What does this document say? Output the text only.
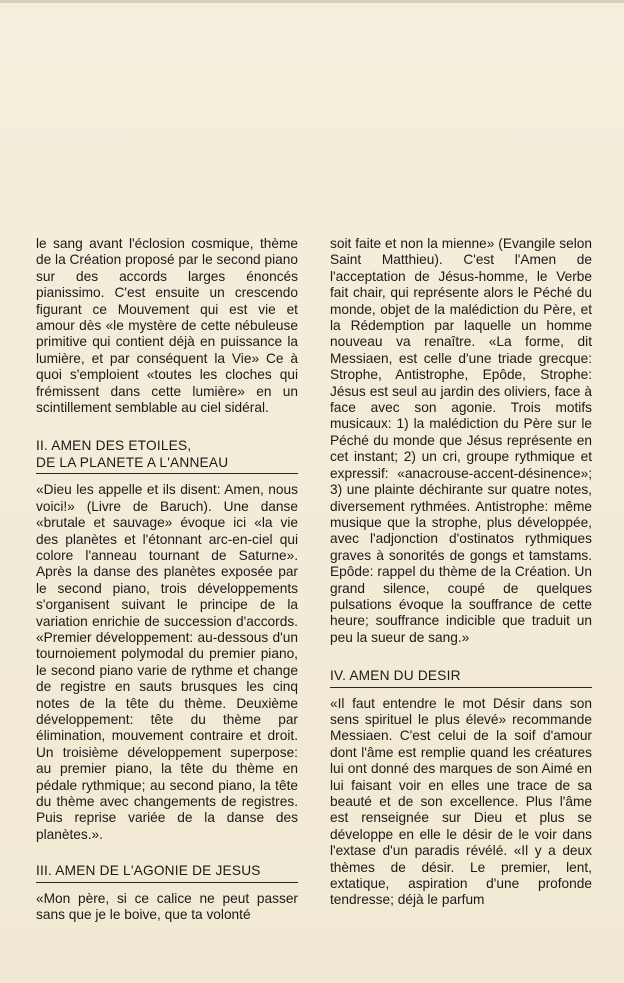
le sang avant l'éclosion cosmique, thème de la Création proposé par le second piano sur des accords larges énoncés pianissimo. C'est ensuite un crescendo figurant ce Mouvement qui est vie et amour dès «le mystère de cette nébuleuse primitive qui contient déjà en puissance la lumière, et par conséquent la Vie» Ce à quoi s'emploient «toutes les cloches qui frémissent dans cette lumière» en un scintillement semblable au ciel sidéral.

II. AMEN DES ETOILES,

DE LA PLANETE A L'ANNEAU

«Dieu les appelle et ils disent: Amen, nous voici!» (Livre de Baruch). Une danse «brutale et sauvage» évoque ici «la vie des planètes et l'étonnant arc-en-ciel qui colore l'anneau tournant de Saturne». Après la danse des planètes exposée par le second piano, trois développements s'organisent suivant le principe de la variation enrichie de succession d'accords. «Premier développement: au-dessous d'un tournoiement polymodal du premier piano, le second piano varie de rythme et change de registre en sauts brusques les cinq notes de la tête du thème. Deuxième développement: tête du thème par élimination, mouvement contraire et droit. Un troisième développement superpose: au premier piano, la tête du thème en pédale rythmique; au second piano, la tête du thème avec changements de registres. Puis reprise variée de la danse des planètes.».

III. AMEN DE L'AGONIE DE JESUS

«Mon père, si ce calice ne peut passer sans que je le boive, que ta volonté

soit faite et non la mienne» (Evangile selon Saint Matthieu). C'est l'Amen de l'acceptation de Jésus-homme, le Verbe fait chair, qui représente alors le Péché du monde, objet de la malédiction du Père, et la Rédemption par laquelle un homme nouveau va renaître. «La forme, dit Messiaen, est celle d'une triade grecque: Strophe, Antistrophe, Epôde, Strophe: Jésus est seul au jardin des oliviers, face à face avec son agonie. Trois motifs musicaux: 1) la malédiction du Père sur le Péché du monde que Jésus représente en cet instant; 2) un cri, groupe rythmique et expressif: «anacrouse-accent-désinence»; 3) une plainte déchirante sur quatre notes, diversement rythmées. Antistrophe: même musique que la strophe, plus développée, avec l'adjonction d'ostinatos rythmiques graves à sonorités de gongs et tamstams. Epôde: rappel du thème de la Création. Un grand silence, coupé de quelques pulsations évoque la souffrance de cette heure; souffrance indicible que traduit un peu la sueur de sang.»

IV. AMEN DU DESIR

«Il faut entendre le mot Désir dans son sens spirituel le plus élevé» recommande Messiaen. C'est celui de la soif d'amour dont l'âme est remplie quand les créatures lui ont donné des marques de son Aimé en lui faisant voir en elles une trace de sa beauté et de son excellence. Plus l'âme est renseignée sur Dieu et plus se développe en elle le désir de le voir dans l'extase d'un paradis révélé. «Il y a deux thèmes de désir. Le premier, lent, extatique, aspiration d'une profonde tendresse; déjà le parfum
